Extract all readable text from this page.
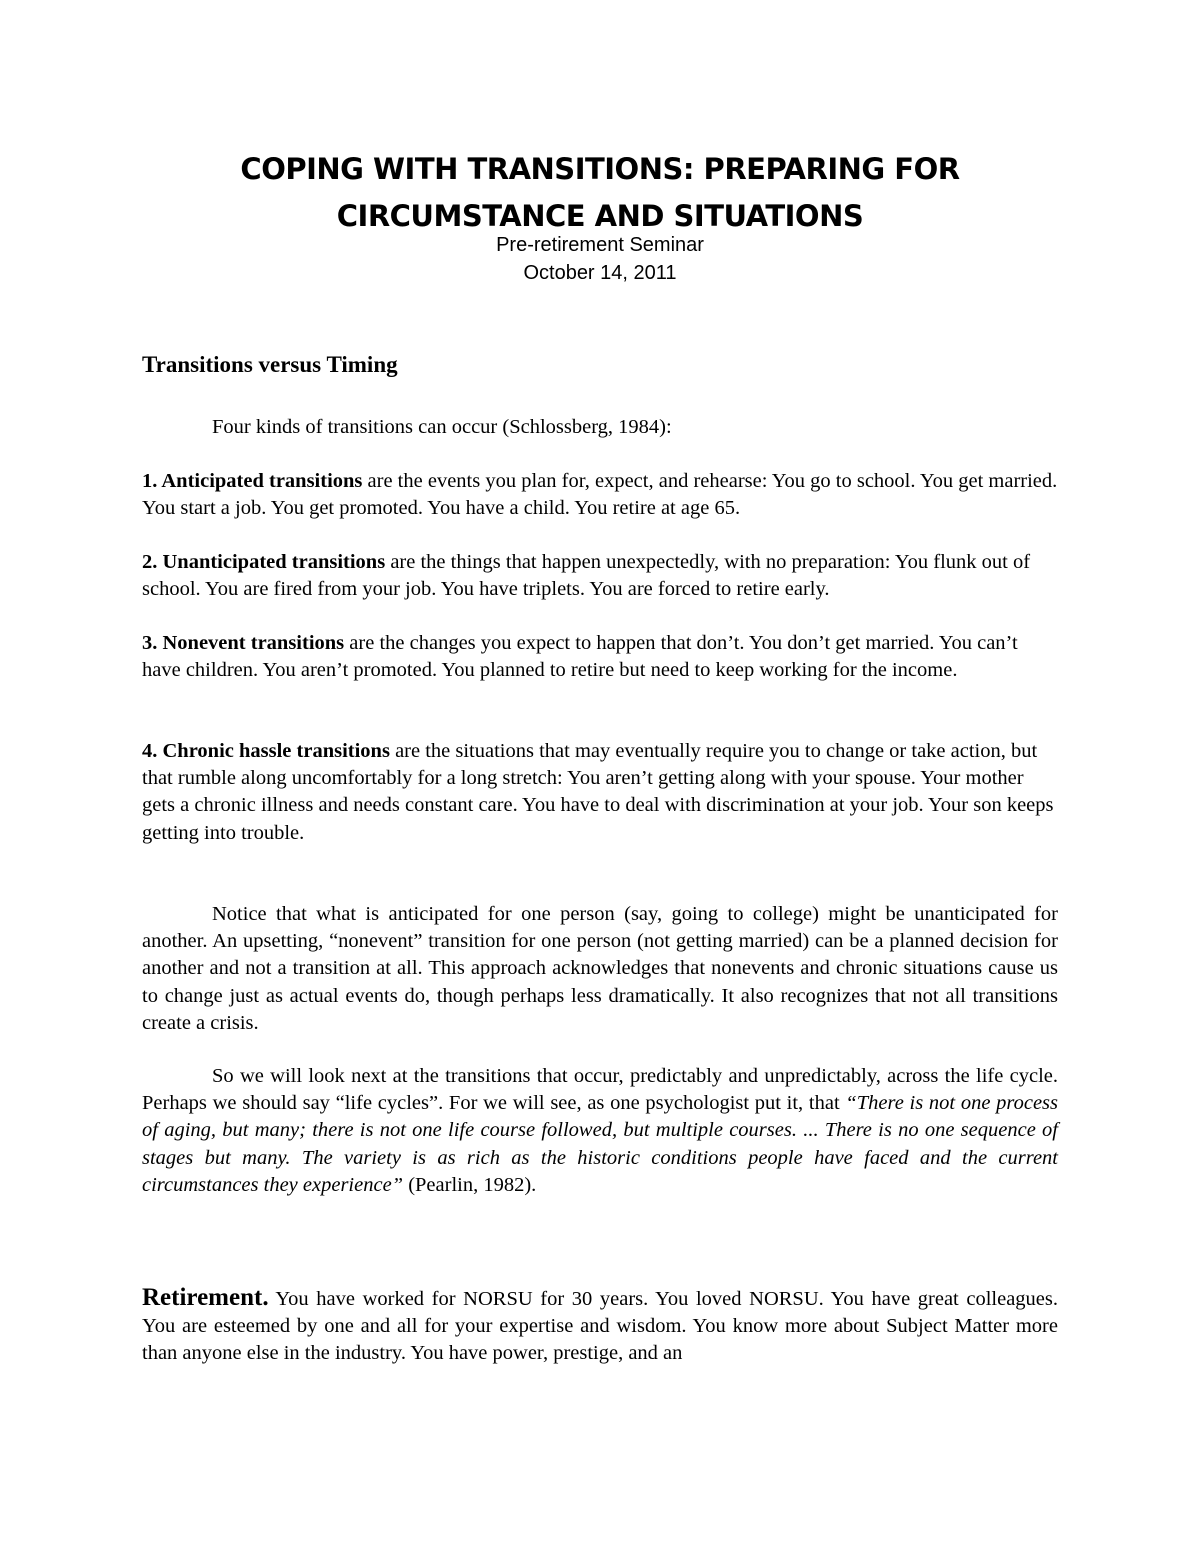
COPING WITH TRANSITIONS: PREPARING FOR
CIRCUMSTANCE AND SITUATIONS

Pre-retirement Seminar

October 14, 2011

Transitions versus Timing

Four kinds of transitions can occur (Schlossberg, 1984):

1. Anticipated transitions are the events you plan for, expect, and rehearse: You go to school. You get married. You start a job. You get promoted. You have a child. You retire at age 65.

2. Unanticipated transitions are the things that happen unexpectedly, with no preparation: You flunk out of school. You are fired from your job. You have triplets. You are forced to retire early.

3. Nonevent transitions are the changes you expect to happen that don’t. You don’t get married. You can’t have children. You aren’t promoted. You planned to retire but need to keep working for the income.

4. Chronic hassle transitions are the situations that may eventually require you to change or take action, but that rumble along uncomfortably for a long stretch: You aren’t getting along with your spouse. Your mother gets a chronic illness and needs constant care. You have to deal with discrimination at your job. Your son keeps getting into trouble.

Notice that what is anticipated for one person (say, going to college) might be unanticipated for another. An upsetting, “nonevent” transition for one person (not getting married) can be a planned decision for another and not a transition at all. This approach acknowledges that nonevents and chronic situations cause us to change just as actual events do, though perhaps less dramatically. It also recognizes that not all transitions create a crisis.

So we will look next at the transitions that occur, predictably and unpredictably, across the life cycle. Perhaps we should say “life cycles”. For we will see, as one psychologist put it, that “There is not one process of aging, but many; there is not one life course followed, but multiple courses. ... There is no one sequence of stages but many. The variety is as rich as the historic conditions people have faced and the current circumstances they experience” (Pearlin, 1982).

Retirement. You have worked for NORSU for 30 years. You loved NORSU. You have great colleagues. You are esteemed by one and all for your expertise and wisdom. You know more about Subject Matter more than anyone else in the industry. You have power, prestige, and an
